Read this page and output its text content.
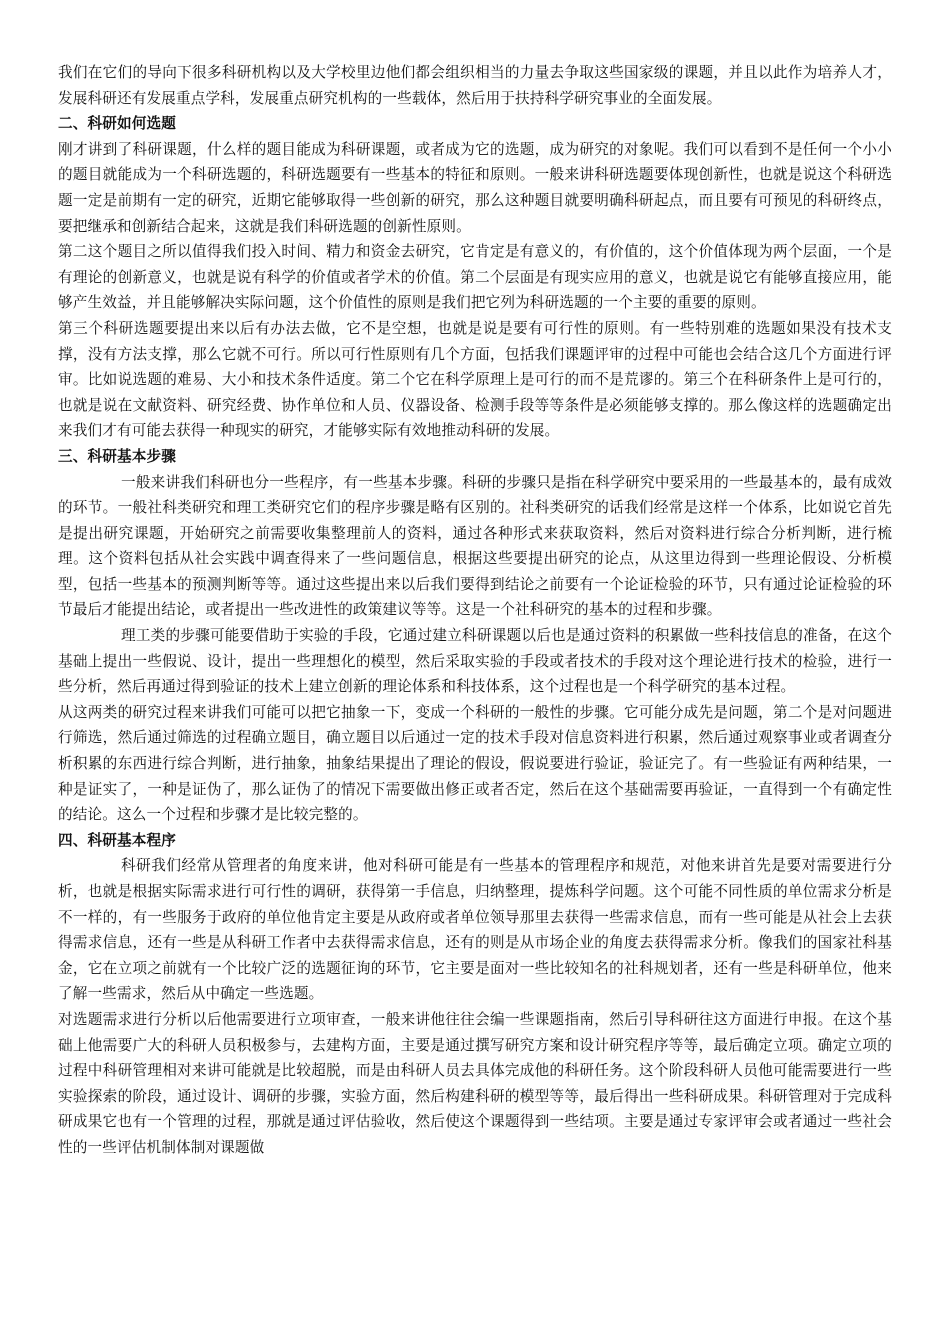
我们在它们的导向下很多科研机构以及大学校里边他们都会组织相当的力量去争取这些国家级的课题，并且以此作为培养人才，发展科研还有发展重点学科，发展重点研究机构的一些载体，然后用于扶持科学研究事业的全面发展。

二、科研如何选题

刚才讲到了科研课题，什么样的题目能成为科研课题，或者成为它的选题，成为研究的对象呢。我们可以看到不是任何一个小小的题目就能成为一个科研选题的，科研选题要有一些基本的特征和原则。一般来讲科研选题要体现创新性，也就是说这个科研选题一定是前期有一定的研究，近期它能够取得一些创新的研究，那么这种题目就要明确科研起点，而且要有可预见的科研终点，要把继承和创新结合起来，这就是我们科研选题的创新性原则。

第二这个题目之所以值得我们投入时间、精力和资金去研究，它肯定是有意义的，有价值的，这个价值体现为两个层面，一个是有理论的创新意义，也就是说有科学的价值或者学术的价值。第二个层面是有现实应用的意义，也就是说它有能够直接应用，能够产生效益，并且能够解决实际问题，这个价值性的原则是我们把它列为科研选题的一个主要的重要的原则。

第三个科研选题要提出来以后有办法去做，它不是空想，也就是说是要有可行性的原则。有一些特别难的选题如果没有技术支撑，没有方法支撑，那么它就不可行。所以可行性原则有几个方面，包括我们课题评审的过程中可能也会结合这几个方面进行评审。比如说选题的难易、大小和技术条件适度。第二个它在科学原理上是可行的而不是荒谬的。第三个在科研条件上是可行的，也就是说在文献资料、研究经费、协作单位和人员、仪器设备、检测手段等等条件是必须能够支撑的。那么像这样的选题确定出来我们才有可能去获得一种现实的研究，才能够实际有效地推动科研的发展。

三、科研基本步骤

一般来讲我们科研也分一些程序，有一些基本步骤。科研的步骤只是指在科学研究中要采用的一些最基本的，最有成效的环节。一般社科类研究和理工类研究它们的程序步骤是略有区别的。社科类研究的话我们经常是这样一个体系，比如说它首先是提出研究课题，开始研究之前需要收集整理前人的资料，通过各种形式来获取资料，然后对资料进行综合分析判断，进行梳理。这个资料包括从社会实践中调查得来了一些问题信息，根据这些要提出研究的论点，从这里边得到一些理论假设、分析模型，包括一些基本的预测判断等等。通过这些提出来以后我们要得到结论之前要有一个论证检验的环节，只有通过论证检验的环节最后才能提出结论，或者提出一些改进性的政策建议等等。这是一个社科研究的基本的过程和步骤。

理工类的步骤可能要借助于实验的手段，它通过建立科研课题以后也是通过资料的积累做一些科技信息的准备，在这个基础上提出一些假说、设计，提出一些理想化的模型，然后采取实验的手段或者技术的手段对这个理论进行技术的检验，进行一些分析，然后再通过得到验证的技术上建立创新的理论体系和科技体系，这个过程也是一个科学研究的基本过程。

从这两类的研究过程来讲我们可能可以把它抽象一下，变成一个科研的一般性的步骤。它可能分成先是问题，第二个是对问题进行筛选，然后通过筛选的过程确立题目，确立题目以后通过一定的技术手段对信息资料进行积累，然后通过观察事业或者调查分析积累的东西进行综合判断，进行抽象，抽象结果提出了理论的假设，假说要进行验证，验证完了。有一些验证有两种结果，一种是证实了，一种是证伪了，那么证伪了的情况下需要做出修正或者否定，然后在这个基础需要再验证，一直得到一个有确定性的结论。这么一个过程和步骤才是比较完整的。

四、科研基本程序

科研我们经常从管理者的角度来讲，他对科研可能是有一些基本的管理程序和规范，对他来讲首先是要对需要进行分析，也就是根据实际需求进行可行性的调研，获得第一手信息，归纳整理，提炼科学问题。这个可能不同性质的单位需求分析是不一样的，有一些服务于政府的单位他肯定主要是从政府或者单位领导那里去获得一些需求信息，而有一些可能是从社会上去获得需求信息，还有一些是从科研工作者中去获得需求信息，还有的则是从市场企业的角度去获得需求分析。像我们的国家社科基金，它在立项之前就有一个比较广泛的选题征询的环节，它主要是面对一些比较知名的社科规划者，还有一些是科研单位，他来了解一些需求，然后从中确定一些选题。

对选题需求进行分析以后他需要进行立项审查，一般来讲他往往会编一些课题指南，然后引导科研往这方面进行申报。在这个基础上他需要广大的科研人员积极参与，去建构方面，主要是通过撰写研究方案和设计研究程序等等，最后确定立项。确定立项的过程中科研管理相对来讲可能就是比较超脱，而是由科研人员去具体完成他的科研任务。这个阶段科研人员他可能需要进行一些实验探索的阶段，通过设计、调研的步骤，实验方面，然后构建科研的模型等等，最后得出一些科研成果。科研管理对于完成科研成果它也有一个管理的过程，那就是通过评估验收，然后使这个课题得到一些结项。主要是通过专家评审会或者通过一些社会性的一些评估机制体制对课题做
